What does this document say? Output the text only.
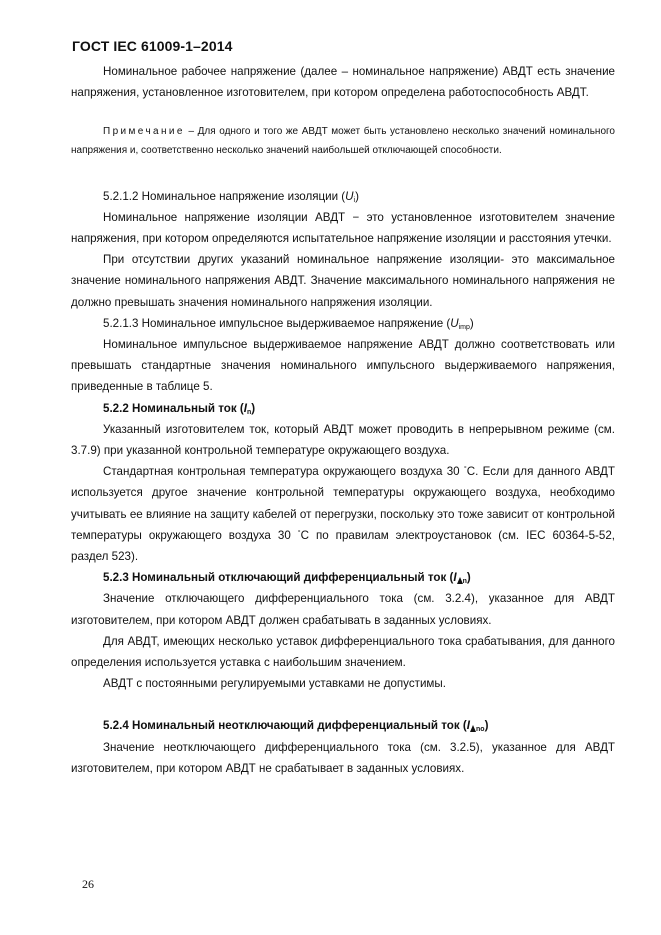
ГОСТ IEC 61009-1–2014

Номинальное рабочее напряжение (далее – номинальное напряжение) АВДТ есть значение напряжения, установленное изготовителем, при котором определена работоспособность АВДТ.

Примечание – Для одного и того же АВДТ может быть установлено несколько значений номинального напряжения и, соответственно несколько значений наибольшей отключающей способности.

5.2.1.2 Номинальное напряжение изоляции $(U_i)$

Номинальное напряжение изоляции АВДТ − это установленное изготовителем значение напряжения, при котором определяются испытательное напряжение изоляции и расстояния утечки.

При отсутствии других указаний номинальное напряжение изоляции- это максимальное значение номинального напряжения АВДТ. Значение максимального номинального напряжения не должно превышать значения номинального напряжения изоляции.

5.2.1.3 Номинальное импульсное выдерживаемое напряжение $(U_{imp})$

Номинальное импульсное выдерживаемое напряжение АВДТ должно соответствовать или превышать стандартные значения номинального импульсного выдерживаемого напряжения, приведенные в таблице 5.

5.2.2 Номинальный ток $(I_n)$

Указанный изготовителем ток, который АВДТ может проводить в непрерывном режиме (см. 3.7.9) при указанной контрольной температуре окружающего воздуха.

Стандартная контрольная температура окружающего воздуха 30 °С. Если для данного АВДТ используется другое значение контрольной температуры окружающего воздуха, необходимо учитывать ее влияние на защиту кабелей от перегрузки, поскольку это тоже зависит от контрольной температуры окружающего воздуха 30 °С по правилам электроустановок (см. IEC 60364-5-52, раздел 523).

5.2.3 Номинальный отключающий дифференциальный ток (I $_n$)

Значение отключающего дифференциального тока (см. 3.2.4), указанное для АВДТ изготовителем, при котором АВДТ должен срабатывать в заданных условиях.

Для АВДТ, имеющих несколько уставок дифференциального тока срабатывания, для данного определения используется уставка с наибольшим значением.

АВДТ с постоянными регулируемыми уставками не допустимы.

5.2.4 Номинальный неотключающий дифференциальный ток (I $_{no}$)

Значение неотключающего дифференциального тока (см. 3.2.5), указанное для АВДТ изготовителем, при котором АВДТ не срабатывает в заданных условиях.

26
